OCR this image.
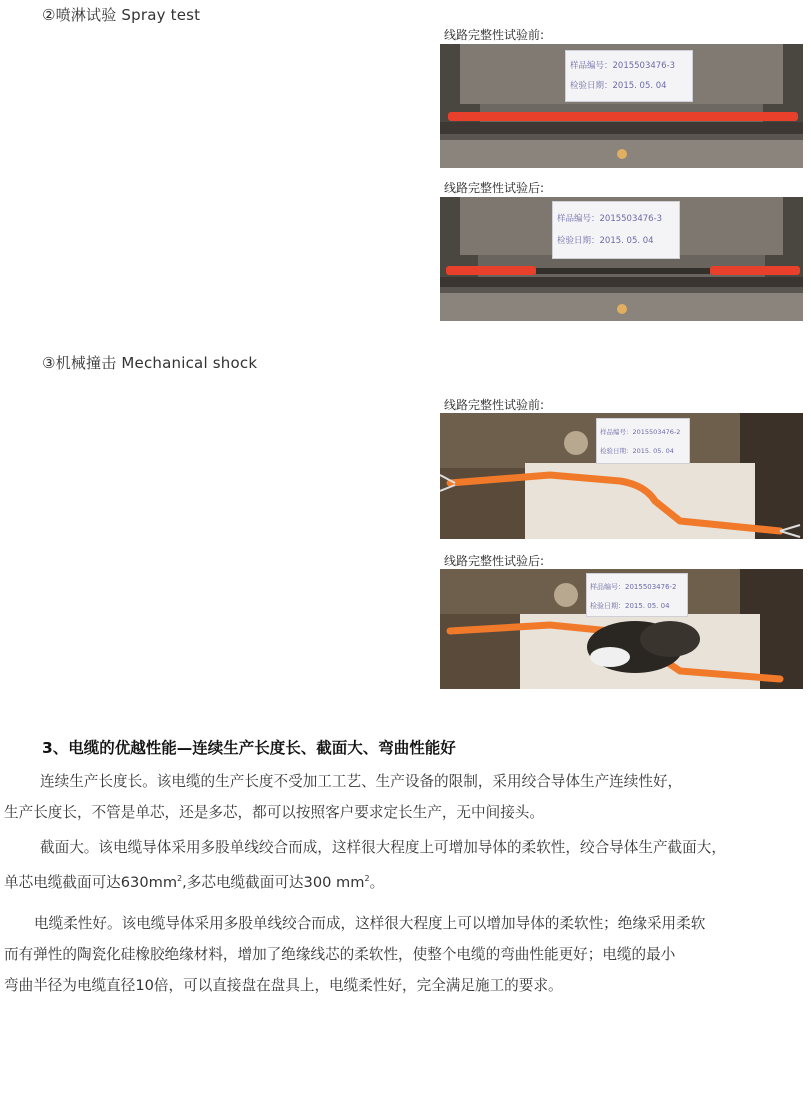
②喷淋试验 Spray test
线路完整性试验前:
样品编号：2015503476-3
检验日期：2015. 05. 04
线路完整性试验后:
样品编号：2015503476-3
检验日期：2015. 05. 04
③机械撞击 Mechanical shock
线路完整性试验前:
样品编号：2015503476-2
检验日期：2015. 05. 04
线路完整性试验后:
样品编号：2015503476-2
检验日期：2015. 05. 04
3、电缆的优越性能—连续生产长度长、截面大、弯曲性能好

连续生产长度长。该电缆的生产长度不受加工工艺、生产设备的限制，采用绞合导体生产连续性好，

生产长度长，不管是单芯，还是多芯，都可以按照客户要求定长生产，无中间接头。

截面大。该电缆导体采用多股单线绞合而成，这样很大程度上可增加导体的柔软性，绞合导体生产截面大，

单芯电缆截面可达$630mm^2$,多芯电缆截面可达300 $mm^2$。

电缆柔性好。该电缆导体采用多股单线绞合而成，这样很大程度上可以增加导体的柔软性；绝缘采用柔软

而有弹性的陶瓷化硅橡胶绝缘材料，增加了绝缘线芯的柔软性，使整个电缆的弯曲性能更好；电缆的最小

弯曲半径为电缆直径10倍，可以直接盘在盘具上，电缆柔性好，完全满足施工的要求。
